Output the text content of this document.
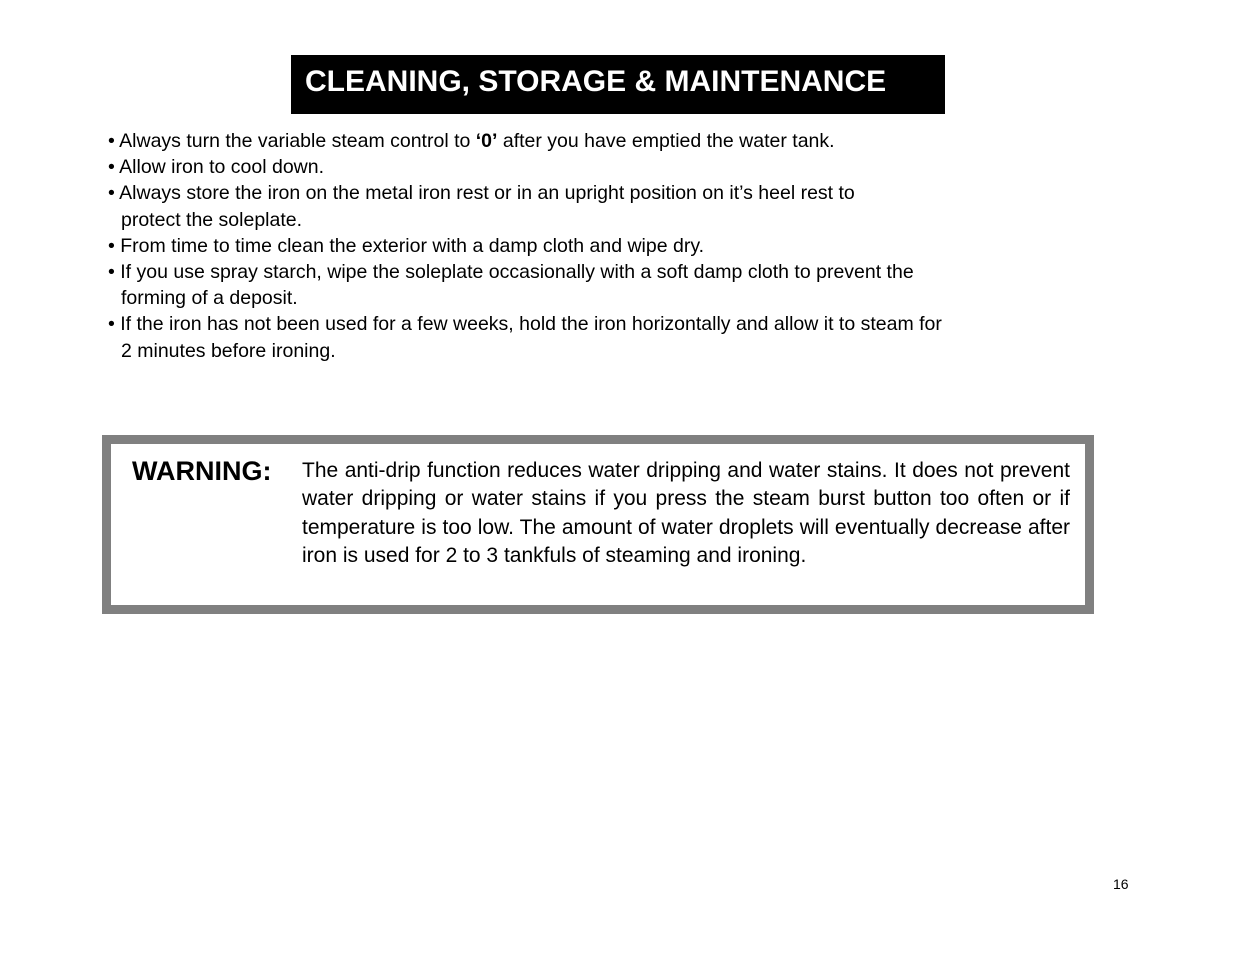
CLEANING, STORAGE & MAINTENANCE
• Always turn the variable steam control to ‘0’ after you have emptied the water tank.
• Allow iron to cool down.
• Always store the iron on the metal iron rest or in an upright position on it’s heel rest to
protect the soleplate.
• From time to time clean the exterior with a damp cloth and wipe dry.
• If you use spray starch, wipe the soleplate occasionally with a soft damp cloth to prevent the
forming of a deposit.
• If the iron has not been used for a few weeks, hold the iron horizontally and allow it to steam for
2 minutes before ironing.
WARNING: The anti-drip function reduces water dripping and water stains. It does not prevent water dripping or water stains if you press the steam burst button too often or if temperature is too low. The amount of water droplets will eventually decrease after iron is used for 2 to 3 tankfuls of steaming and ironing.
16
